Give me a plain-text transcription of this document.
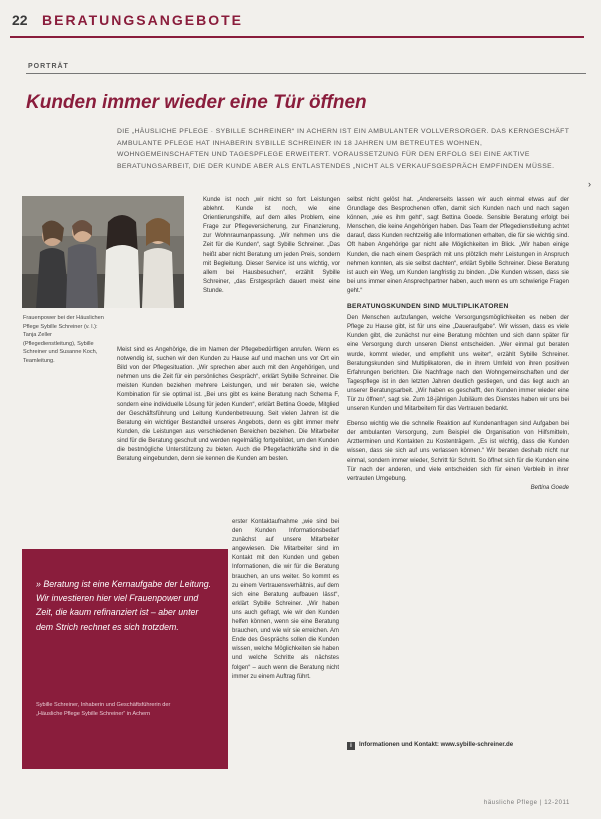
22 BERATUNGSANGEBOTE
PORTRÄT
Kunden immer wieder eine Tür öffnen
DIE „HÄUSLICHE PFLEGE · SYBILLE SCHREINER“ IN ACHERN IST EIN AMBULANTER VOLLVERSORGER. DAS KERNGESCHÄFT AMBULANTE PFLEGE HAT INHABERIN SYBILLE SCHREINER IN 18 JAHREN UM BETREUTES WOHNEN, WOHNGEMEINSCHAFTEN UND TAGESPFLEGE ERWEITERT. VORAUSSETZUNG FÜR DEN ERFOLG SEI EINE AKTIVE BERATUNGSARBEIT, DIE DER KUNDE ABER ALS ENTLASTENDES „NICHT ALS VERKAUFSGESPRÄCH EMPFINDEN MÜSSE.
Frauenpower bei der Häuslichen Pflege Sybille Schreiner (v. l.): Tanja Zeller (Pflegedienstleitung), Sybille Schreiner und Susanne Koch, Teamleitung.
» Beratung ist eine Kernaufgabe der Leitung. Wir investieren hier viel Frauenpower und Zeit, die kaum refinanziert ist – aber unter dem Strich rechnet es sich trotzdem.
Sybille Schreiner, Inhaberin und Geschäftsführerin der „Häusliche Pflege Sybille Schreiner“ in Achern

Kunde ist noch „wir nicht so fort Leistungen ablehnt. Kunde ist noch, wie eine Orientierungshilfe, auf dem alles Problem, eine Frage zur Pflegeversicherung, zur Finanzierung, zur Wohnraumanpassung. „Wir nehmen uns die Zeit für die Kunden“, sagt Sybille Schreiner. „Das heißt aber nicht Beratung um jeden Preis, sondern mit Begleitung. Dieser Service ist uns wichtig, vor allem bei Hausbesuchen“, erzählt Sybille Schreiner, „das Erstgespräch dauert meist eine Stunde.

Meist sind es Angehörige, die im Namen der Pflegebedürftigen anrufen. Wenn es notwendig ist, suchen wir den Kunden zu Hause auf und machen uns vor Ort ein Bild von der Pflegesituation. „Wir sprechen aber auch mit den Angehörigen, und nehmen uns die Zeit für ein persönliches Gespräch“, erklärt Sybille Schreiner. Die meisten Kunden beziehen mehrere Leistungen, und wir beraten sie, welche Kombination für sie optimal ist. „Bei uns gibt es keine Beratung nach Schema F, sondern eine individuelle Lösung für jeden Kunden“, erklärt Bettina Goede, Mitglied der Geschäftsführung und Leitung Kundenbetreuung. Seit vielen Jahren ist die Beratung ein wichtiger Bestandteil unseres Angebots, denn es gibt immer mehr Kunden, die Leistungen aus verschiedenen Bereichen beziehen. Die Mitarbeiter sind für die Beratung geschult und werden regelmäßig fortgebildet, um den Kunden die bestmögliche Unterstützung zu bieten. Auch die Pflegefachkräfte sind in die Beratung eingebunden, denn sie kennen die Kunden am besten.

erster Kontaktaufnahme „wie sind bei den Kunden Informationsbedarf zunächst auf unsere Mitarbeiter angewiesen. Die Mitarbeiter sind im Kontakt mit den Kunden und geben Informationen, die wir für die Beratung brauchen, an uns weiter. So kommt es zu einem Vertrauensverhältnis, auf dem sich eine Beratung aufbauen lässt“, erklärt Sybille Schreiner. „Wir haben uns auch gefragt, wie wir den Kunden helfen können, wenn sie eine Beratung brauchen, und wie wir sie erreichen. Am Ende des Gesprächs sollen die Kunden wissen, welche Möglichkeiten sie haben und welche Schritte als nächstes folgen“ – auch wenn die Beratung nicht immer zu einem Auftrag führt.

selbst nicht gelöst hat. „Andererseits lassen wir auch einmal etwas auf der Grundlage des Besprochenen offen, damit sich Kunden nach und nach sagen können, „wie es ihm geht“, sagt Bettina Goede. Sensible Beratung erfolgt bei Menschen, die keine Angehörigen haben. Das Team der Pflegedienstleitung achtet darauf, dass Kunden rechtzeitig alle Informationen erhalten, die für sie wichtig sind. Oft haben Angehörige gar nicht alle Möglichkeiten im Blick. „Wir haben einige Kunden, die nach einem Gespräch mit uns plötzlich mehr Leistungen in Anspruch nehmen konnten, als sie selbst dachten“, erklärt Sybille Schreiner. Diese Beratung ist auch ein Weg, um Kunden langfristig zu binden. „Die Kunden wissen, dass sie bei uns immer einen Ansprechpartner haben, auch wenn es um schwierige Fragen geht.“

BERATUNGSKUNDEN SIND MULTIPLIKATOREN

Den Menschen aufzufangen, welche Versorgungsmöglichkeiten es neben der Pflege zu Hause gibt, ist für uns eine „Daueraufgabe“. Wir wissen, dass es viele Kunden gibt, die zunächst nur eine Beratung möchten und sich dann später für eine Versorgung durch unseren Dienst entscheiden. „Wer einmal gut beraten wurde, kommt wieder, und empfiehlt uns weiter“, erzählt Sybille Schreiner. Beratungskunden sind Multiplikatoren, die in ihrem Umfeld von ihren positiven Erfahrungen berichten. Die Nachfrage nach den Wohngemeinschaften und der Tagespflege ist in den letzten Jahren deutlich gestiegen, und das liegt auch an unserer Beratungsarbeit. „Wir haben es geschafft, den Kunden immer wieder eine Tür zu öffnen“, sagt sie. Zum 18-jährigen Jubiläum des Dienstes haben wir uns bei unseren Kunden und Mitarbeitern für das Vertrauen bedankt.

Ebenso wichtig wie die schnelle Reaktion auf Kundenanfragen sind Aufgaben bei der ambulanten Versorgung, zum Beispiel die Organisation von Hilfsmitteln, Arztterminen und Kontakten zu Kostenträgern. „Es ist wichtig, dass die Kunden wissen, dass sie sich auf uns verlassen können.“ Wir beraten deshalb nicht nur einmal, sondern immer wieder, Schritt für Schritt. So öffnet sich für die Kunden eine Tür nach der anderen, und viele entscheiden sich für einen Verbleib in ihrer vertrauten Umgebung.

Bettina Goede
i Informationen und Kontakt: www.sybille-schreiner.de
häusliche Pflege | 12-2011
›
